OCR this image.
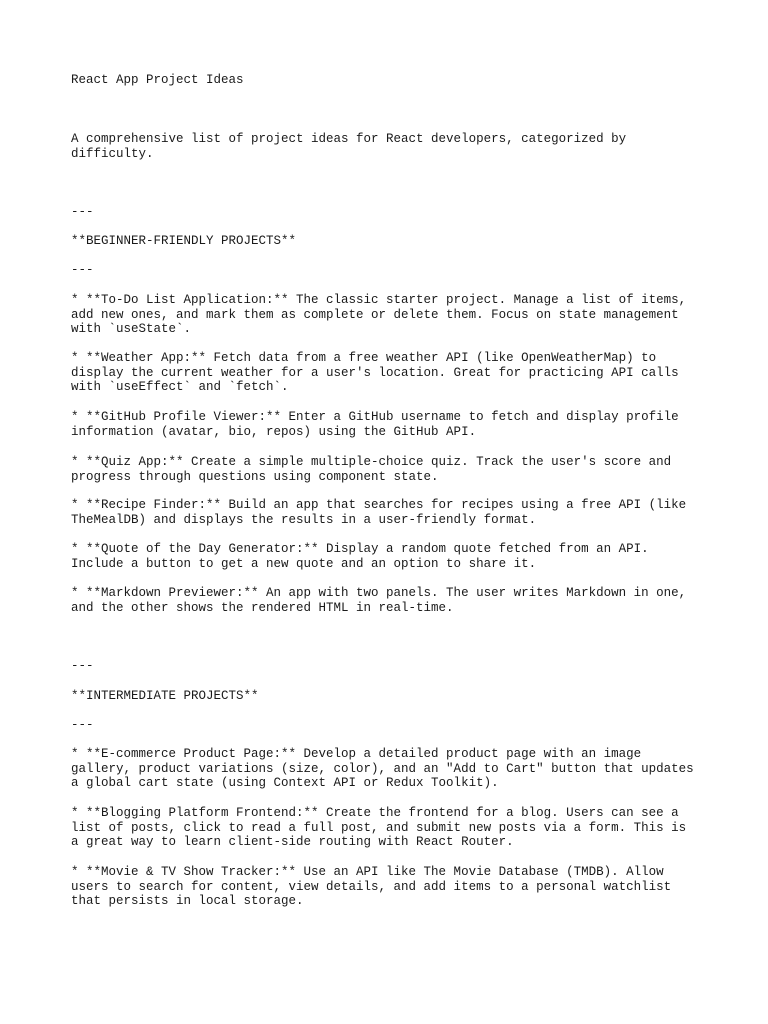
React App Project Ideas

A comprehensive list of project ideas for React developers, categorized by
difficulty.

---

**BEGINNER-FRIENDLY PROJECTS**

---

* **To-Do List Application:** The classic starter project. Manage a list of items,
add new ones, and mark them as complete or delete them. Focus on state management
with `useState`.

* **Weather App:** Fetch data from a free weather API (like OpenWeatherMap) to
display the current weather for a user's location. Great for practicing API calls
with `useEffect` and `fetch`.

* **GitHub Profile Viewer:** Enter a GitHub username to fetch and display profile
information (avatar, bio, repos) using the GitHub API.

* **Quiz App:** Create a simple multiple-choice quiz. Track the user's score and
progress through questions using component state.

* **Recipe Finder:** Build an app that searches for recipes using a free API (like
TheMealDB) and displays the results in a user-friendly format.

* **Quote of the Day Generator:** Display a random quote fetched from an API.
Include a button to get a new quote and an option to share it.

* **Markdown Previewer:** An app with two panels. The user writes Markdown in one,
and the other shows the rendered HTML in real-time.

---

**INTERMEDIATE PROJECTS**

---

* **E-commerce Product Page:** Develop a detailed product page with an image
gallery, product variations (size, color), and an "Add to Cart" button that updates
a global cart state (using Context API or Redux Toolkit).

* **Blogging Platform Frontend:** Create the frontend for a blog. Users can see a
list of posts, click to read a full post, and submit new posts via a form. This is
a great way to learn client-side routing with React Router.

* **Movie & TV Show Tracker:** Use an API like The Movie Database (TMDB). Allow
users to search for content, view details, and add items to a personal watchlist
that persists in local storage.
